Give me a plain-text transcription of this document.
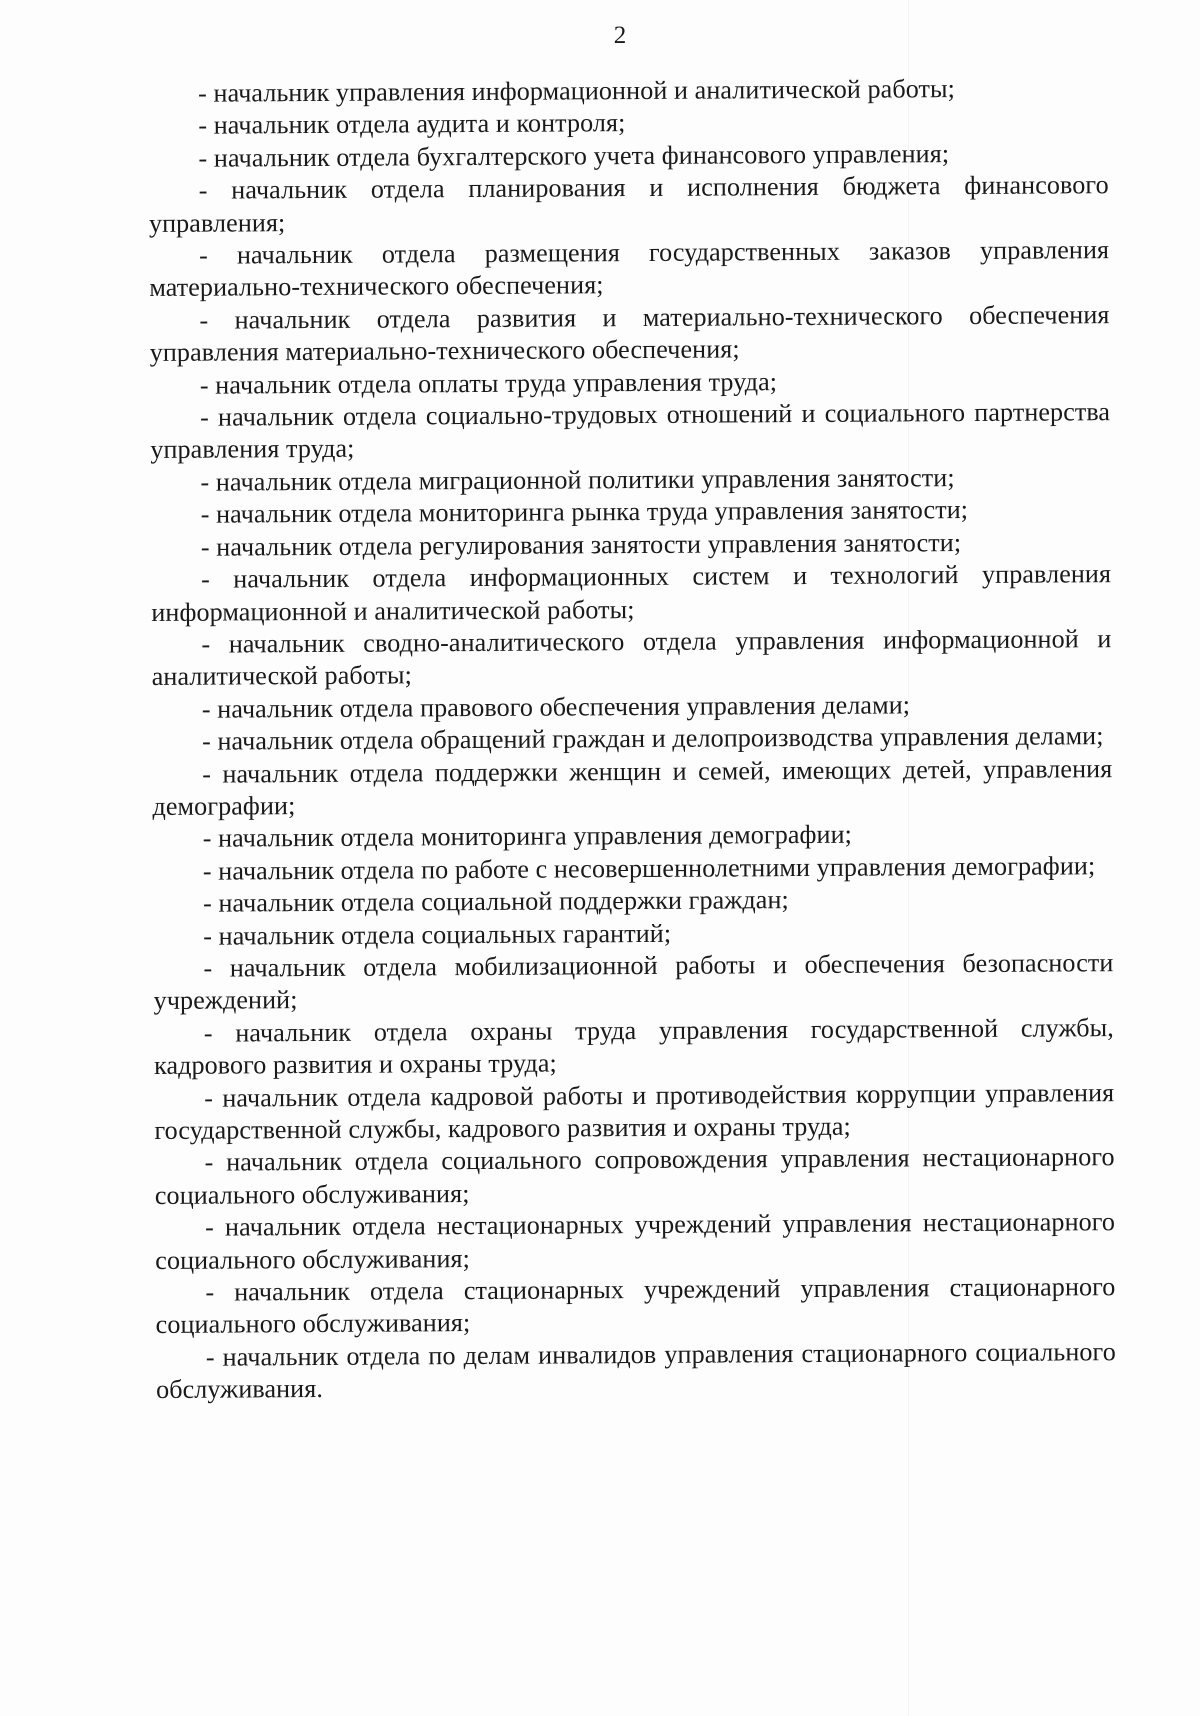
2

- начальник управления информационной и аналитической работы;

- начальник отдела аудита и контроля;

- начальник отдела бухгалтерского учета финансового управления;

- начальник отдела планирования и исполнения бюджета финансового управления;

- начальник отдела размещения государственных заказов управления материально-технического обеспечения;

- начальник отдела развития и материально-технического обеспечения управления материально-технического обеспечения;

- начальник отдела оплаты труда управления труда;

- начальник отдела социально-трудовых отношений и социального партнерства управления труда;

- начальник отдела миграционной политики управления занятости;

- начальник отдела мониторинга рынка труда управления занятости;

- начальник отдела регулирования занятости управления занятости;

- начальник отдела информационных систем и технологий управления информационной и аналитической работы;

- начальник сводно-аналитического отдела управления информационной и аналитической работы;

- начальник отдела правового обеспечения управления делами;

- начальник отдела обращений граждан и делопроизводства управления делами;

- начальник отдела поддержки женщин и семей, имеющих детей, управления демографии;

- начальник отдела мониторинга управления демографии;

- начальник отдела по работе с несовершеннолетними управления демографии;

- начальник отдела социальной поддержки граждан;

- начальник отдела социальных гарантий;

- начальник отдела мобилизационной работы и обеспечения безопасности учреждений;

- начальник отдела охраны труда управления государственной службы, кадрового развития и охраны труда;

- начальник отдела кадровой работы и противодействия коррупции управления государственной службы, кадрового развития и охраны труда;

- начальник отдела социального сопровождения управления нестационарного социального обслуживания;

- начальник отдела нестационарных учреждений управления нестационарного социального обслуживания;

- начальник отдела стационарных учреждений управления стационарного социального обслуживания;

- начальник отдела по делам инвалидов управления стационарного социального обслуживания.
